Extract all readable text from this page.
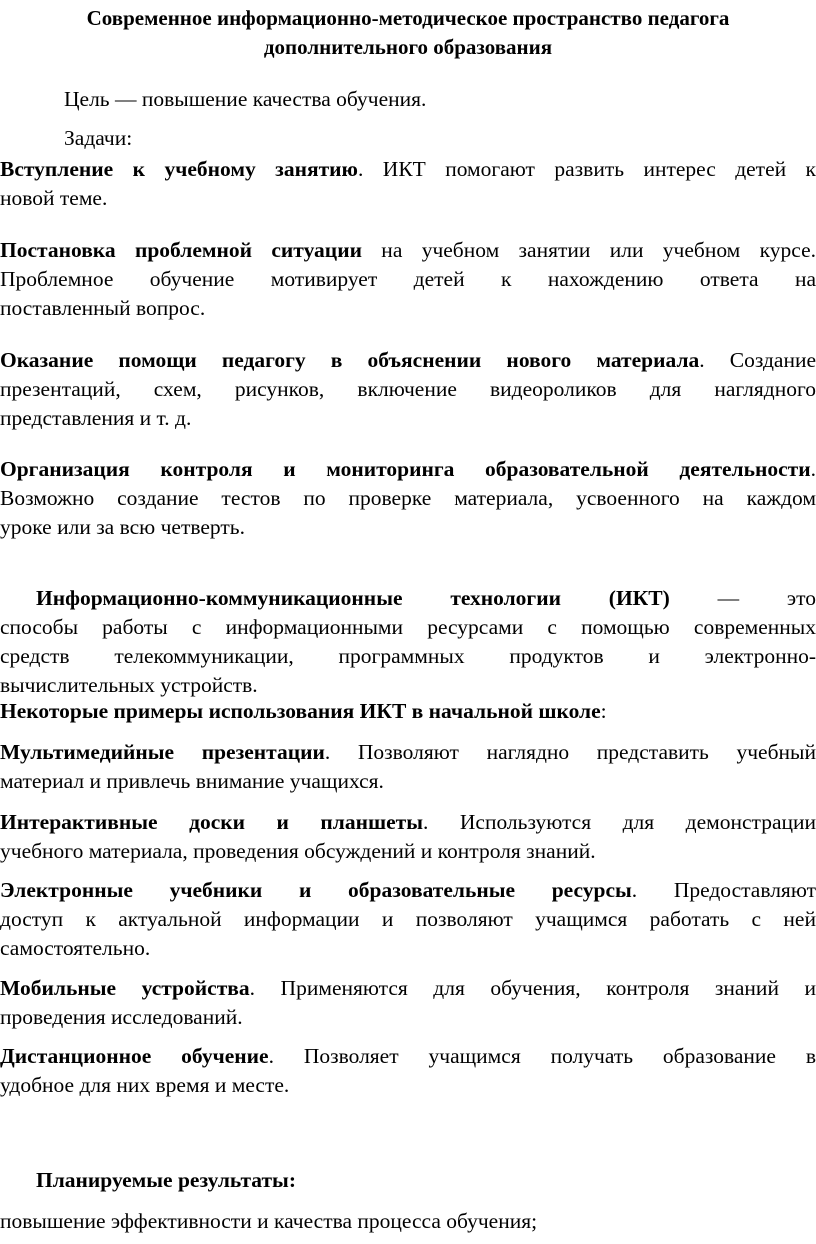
Современное информационно-методическое пространство педагога
дополнительного образования
Цель — повышение качества обучения.
Задачи:
Вступление к учебному занятию. ИКТ помогают развить интерес детей к
новой теме.
Постановка проблемной ситуации на учебном занятии или учебном курсе.
Проблемное обучение мотивирует детей к нахождению ответа на
поставленный вопрос.
Оказание помощи педагогу в объяснении нового материала. Создание
презентаций, схем, рисунков, включение видеороликов для наглядного
представления и т. д.
Организация контроля и мониторинга образовательной деятельности.
Возможно создание тестов по проверке материала, усвоенного на каждом
уроке или за всю четверть.
Информационно-коммуникационные технологии (ИКТ) — это
способы работы с информационными ресурсами с помощью современных
средств телекоммуникации, программных продуктов и электронно-
вычислительных устройств.
Некоторые примеры использования ИКТ в начальной школе:
Мультимедийные презентации. Позволяют наглядно представить учебный
материал и привлечь внимание учащихся.
Интерактивные доски и планшеты. Используются для демонстрации
учебного материала, проведения обсуждений и контроля знаний.
Электронные учебники и образовательные ресурсы. Предоставляют
доступ к актуальной информации и позволяют учащимся работать с ней
самостоятельно.
Мобильные устройства. Применяются для обучения, контроля знаний и
проведения исследований.
Дистанционное обучение. Позволяет учащимся получать образование в
удобное для них время и месте.
Планируемые результаты:
повышение эффективности и качества процесса обучения;
